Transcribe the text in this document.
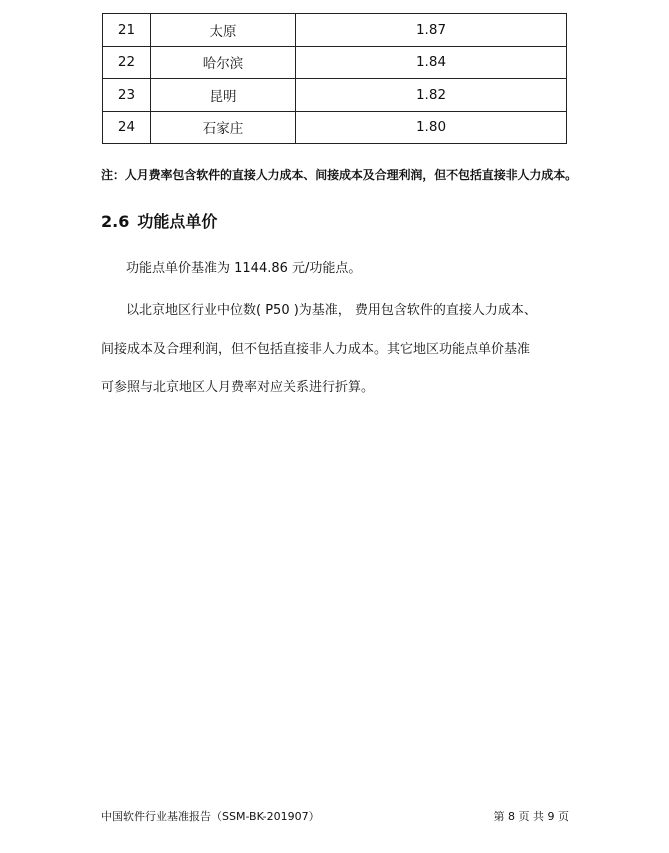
21	太原	1.87
22	哈尔滨	1.84
23	昆明	1.82
24	石家庄	1.80
注：人月费率包含软件的直接人力成本、间接成本及合理利润，但不包括直接非人力成本。
2.6 功能点单价
功能点单价基准为 1144.86 元/功能点。
以北京地区行业中位数( P50 )为基准， 费用包含软件的直接人力成本、
间接成本及合理利润，但不包括直接非人力成本。其它地区功能点单价基准
可参照与北京地区人月费率对应关系进行折算。
中国软件行业基准报告（SSM-BK-201907）	第 8 页 共 9 页
